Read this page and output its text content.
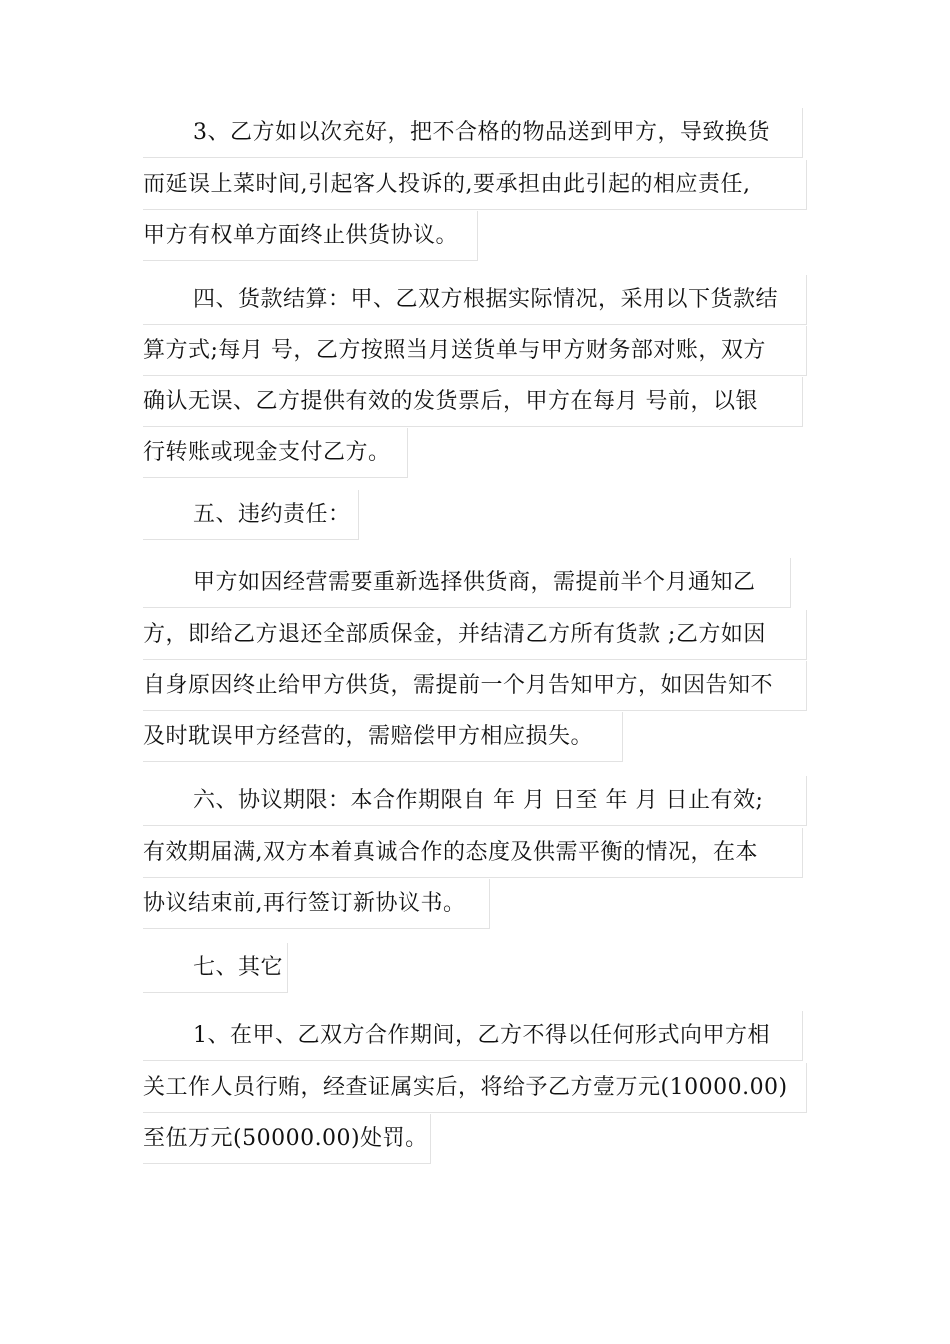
3、乙方如以次充好，把不合格的物品送到甲方，导致换货
而延误上菜时间,引起客人投诉的,要承担由此引起的相应责任,
甲方有权单方面终止供货协议。
四、货款结算：甲、乙双方根据实际情况，采用以下货款结
算方式;每月 号，乙方按照当月送货单与甲方财务部对账，双方
确认无误、乙方提供有效的发货票后，甲方在每月 号前，以银
行转账或现金支付乙方。
五、违约责任：
甲方如因经营需要重新选择供货商，需提前半个月通知乙
方，即给乙方退还全部质保金，并结清乙方所有货款 ;乙方如因
自身原因终止给甲方供货，需提前一个月告知甲方，如因告知不
及时耽误甲方经营的，需赔偿甲方相应损失。
六、协议期限：本合作期限自 年 月 日至 年 月 日止有效;
有效期届满,双方本着真诚合作的态度及供需平衡的情况，在本
协议结束前,再行签订新协议书。
七、其它
1、在甲、乙双方合作期间，乙方不得以任何形式向甲方相
关工作人员行贿，经查证属实后，将给予乙方壹万元(10000.00)
至伍万元(50000.00)处罚。
